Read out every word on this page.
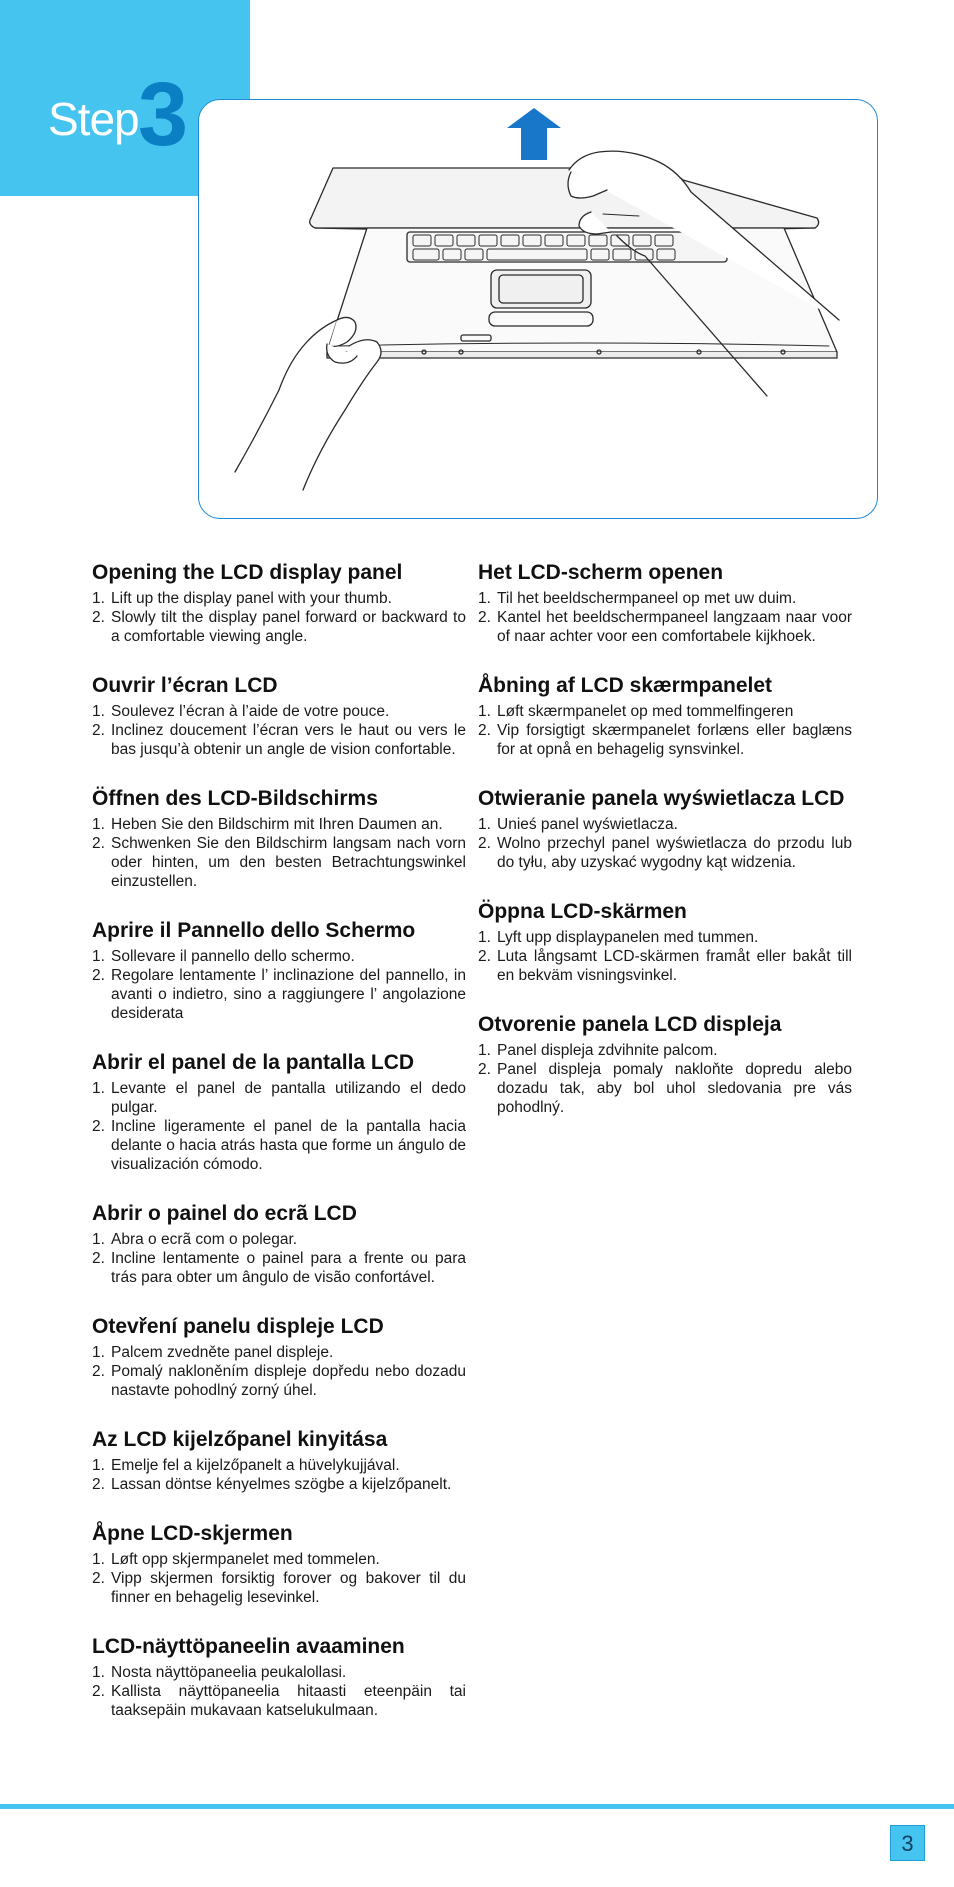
Step 3
Opening the LCD display panel
1. Lift up the display panel with your thumb.
2. Slowly tilt the display panel forward or backward to a comfortable viewing angle.
Ouvrir l’écran LCD
1. Soulevez l’écran à l’aide de votre pouce.
2. Inclinez doucement l’écran vers le haut ou vers le bas jusqu’à obtenir un angle de vision confortable.
Öffnen des LCD-Bildschirms
1. Heben Sie den Bildschirm mit Ihren Daumen an.
2. Schwenken Sie den Bildschirm langsam nach vorn oder hinten, um den besten Betrachtungswinkel einzustellen.
Aprire il Pannello dello Schermo
1. Sollevare il pannello dello schermo.
2. Regolare lentamente l’ inclinazione del pannello, in avanti o indietro, sino a raggiungere l’ angolazione desiderata
Abrir el panel de la pantalla LCD
1. Levante el panel de pantalla utilizando el dedo pulgar.
2. Incline ligeramente el panel de la pantalla hacia delante o hacia atrás hasta que forme un ángulo de visualización cómodo.
Abrir o painel do ecrã LCD
1. Abra o ecrã com o polegar.
2. Incline lentamente o painel para a frente ou para trás para obter um ângulo de visão confortável.
Otevření panelu displeje LCD
1. Palcem zvedněte panel displeje.
2. Pomalý nakloněním displeje dopředu nebo dozadu nastavte pohodlný zorný úhel.
Az LCD kijelzőpanel kinyitása
1. Emelje fel a kijelzőpanelt a hüvelykujjával.
2. Lassan döntse kényelmes szögbe a kijelzőpanelt.
Åpne LCD-skjermen
1. Løft opp skjermpanelet med tommelen.
2. Vipp skjermen forsiktig forover og bakover til du finner en behagelig lesevinkel.
LCD-näyttöpaneelin avaaminen
1. Nosta näyttöpaneelia peukalollasi.
2. Kallista näyttöpaneelia hitaasti eteenpäin tai taaksepäin mukavaan katselukulmaan.
Het LCD-scherm openen
1. Til het beeldschermpaneel op met uw duim.
2. Kantel het beeldschermpaneel langzaam naar voor of naar achter voor een comfortabele kijkhoek.
Åbning af LCD skærmpanelet
1. Løft skærmpanelet op med tommelfingeren
2. Vip forsigtigt skærmpanelet forlæns eller baglæns for at opnå en behagelig synsvinkel.
Otwieranie panela wyświetlacza LCD
1. Unieś panel wyświetlacza.
2. Wolno przechyl panel wyświetlacza do przodu lub do tyłu, aby uzyskać wygodny kąt widzenia.
Öppna LCD-skärmen
1. Lyft upp displaypanelen med tummen.
2. Luta långsamt LCD-skärmen framåt eller bakåt till en bekväm visningsvinkel.
Otvorenie panela LCD displeja
1. Panel displeja zdvihnite palcom.
2. Panel displeja pomaly nakloňte dopredu alebo dozadu tak, aby bol uhol sledovania pre vás pohodlný.
3
